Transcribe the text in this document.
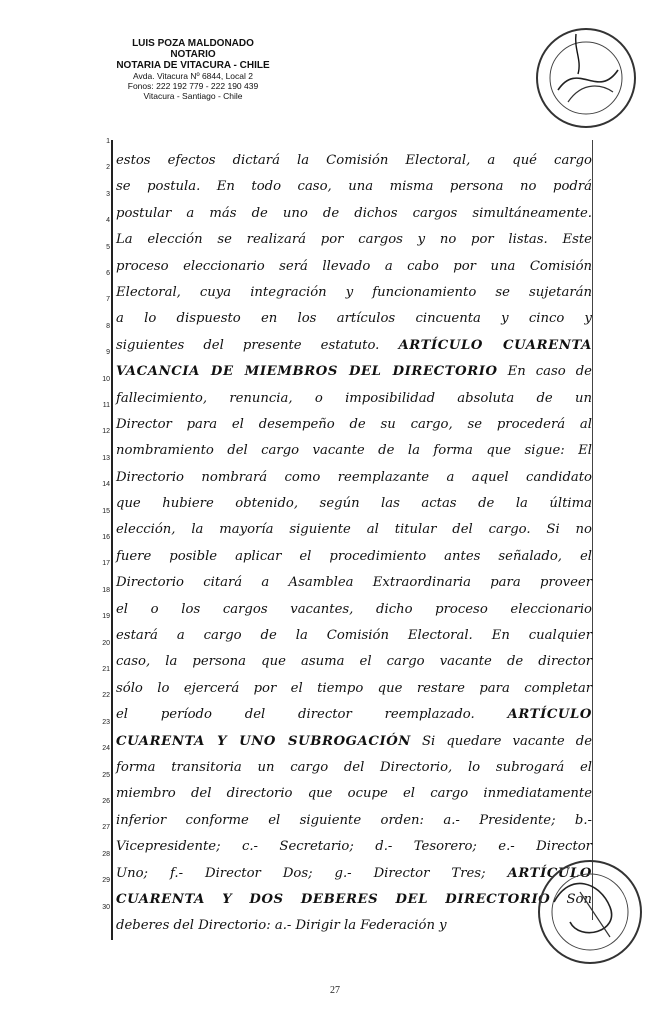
LUIS POZA MALDONADO
NOTARIO
NOTARIA DE VITACURA - CHILE
Avda. Vitacura Nº 6844, Local 2
Fonos: 222 192 779 - 222 190 439
Vitacura - Santiago - Chile
1
2
3
4
5
6
7
8
9
10
11
12
13
14
15
16
17
18
19
20
21
22
23
24
25
26
27
28
29
30
estos efectos dictará la Comisión Electoral, a qué cargo
se postula. En todo caso, una misma persona no podrá
postular a más de uno de dichos cargos simultáneamente.
La elección se realizará por cargos y no por listas. Este
proceso eleccionario será llevado a cabo por una Comisión
Electoral, cuya integración y funcionamiento se sujetarán
a lo dispuesto en los artículos cincuenta y cinco y
siguientes del presente estatuto. ARTÍCULO CUARENTA
VACANCIA DE MIEMBROS DEL DIRECTORIO En caso de
fallecimiento, renuncia, o imposibilidad absoluta de un
Director para el desempeño de su cargo, se procederá al
nombramiento del cargo vacante de la forma que sigue: El
Directorio nombrará como reemplazante a aquel candidato
que hubiere obtenido, según las actas de la última
elección, la mayoría siguiente al titular del cargo. Si no
fuere posible aplicar el procedimiento antes señalado, el
Directorio citará a Asamblea Extraordinaria para proveer
el o los cargos vacantes, dicho proceso eleccionario
estará a cargo de la Comisión Electoral. En cualquier
caso, la persona que asuma el cargo vacante de director
sólo lo ejercerá por el tiempo que restare para completar
el período del director reemplazado. ARTÍCULO
CUARENTA Y UNO SUBROGACIÓN Si quedare vacante de
forma transitoria un cargo del Directorio, lo subrogará el
miembro del directorio que ocupe el cargo inmediatamente
inferior conforme el siguiente orden: a.- Presidente; b.-
Vicepresidente; c.- Secretario; d.- Tesorero; e.- Director
Uno; f.- Director Dos; g.- Director Tres; ARTÍCULO
CUARENTA Y DOS DEBERES DEL DIRECTORIO Son
deberes del Directorio: a.- Dirigir la Federación y
27
